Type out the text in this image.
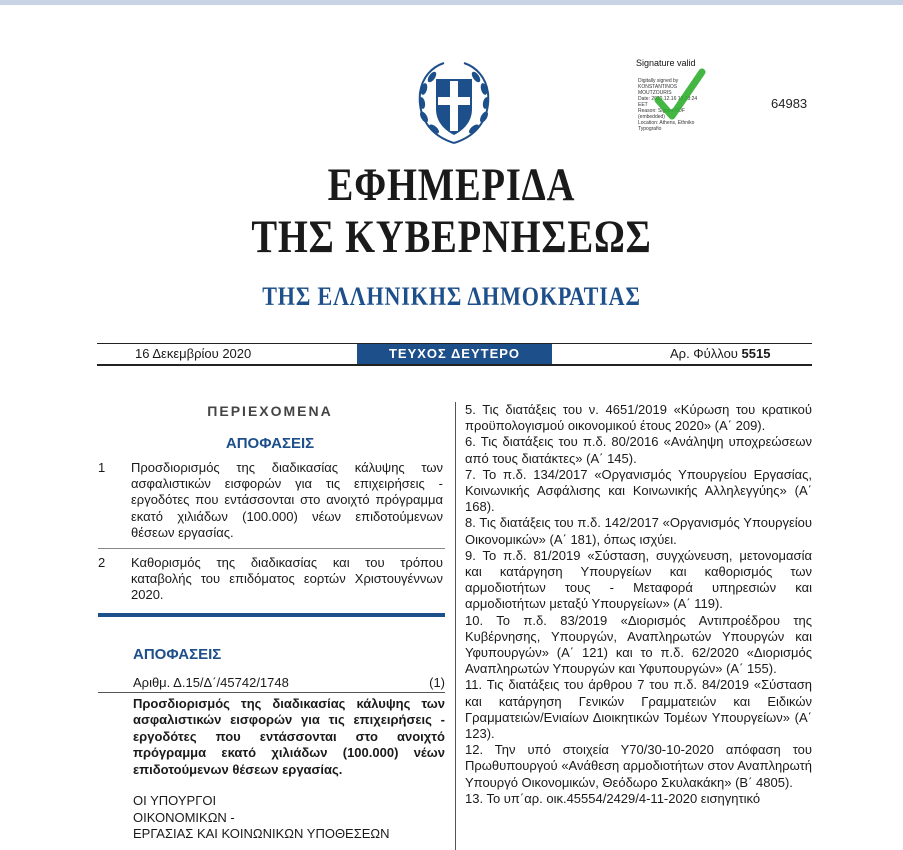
Signature valid
Digitally signed by
KONSTANTINOS
MOUTZOURIS
Date: 2020.12.16 18:28:24
EET
Reason: Signed PDF
(embedded)
Location: Athens, Ethniko
Typografio
64983
ΕΦΗΜΕΡΙΔΑ
ΤΗΣ ΚΥΒΕΡΝΗΣΕΩΣ
ΤΗΣ ΕΛΛΗΝΙΚΗΣ ΔΗΜΟΚΡΑΤΙΑΣ
16 Δεκεμβρίου 2020	ΤΕΥΧΟΣ ΔΕΥΤΕΡΟ	Αρ. Φύλλου 5515
ΠΕΡΙΕΧΟΜΕΝΑ
ΑΠΟΦΑΣΕΙΣ
1 Προσδιορισμός της διαδικασίας κάλυψης των ασφαλιστικών εισφορών για τις επιχειρήσεις - εργοδότες που εντάσσονται στο ανοιχτό πρόγραμμα εκατό χιλιάδων (100.000) νέων επιδοτούμενων θέσεων εργασίας.
2 Καθορισμός της διαδικασίας και του τρόπου καταβολής του επιδόματος εορτών Χριστουγέννων 2020.
ΑΠΟΦΑΣΕΙΣ
Αριθμ. Δ.15/Δ΄/45742/1748	(1)
Προσδιορισμός της διαδικασίας κάλυψης των ασφαλιστικών εισφορών για τις επιχειρήσεις - εργοδότες που εντάσσονται στο ανοιχτό πρόγραμμα εκατό χιλιάδων (100.000) νέων επιδοτούμενων θέσεων εργασίας.
ΟΙ ΥΠΟΥΡΓΟΙ
ΟΙΚΟΝΟΜΙΚΩΝ -
ΕΡΓΑΣΙΑΣ ΚΑΙ ΚΟΙΝΩΝΙΚΩΝ ΥΠΟΘΕΣΕΩΝ

5. Τις διατάξεις του ν. 4651/2019 «Κύρωση του κρατικού προϋπολογισμού οικονομικού έτους 2020» (Α΄ 209).

6. Τις διατάξεις του π.δ. 80/2016 «Ανάληψη υποχρεώσεων από τους διατάκτες» (Α΄ 145).

7. Το π.δ. 134/2017 «Οργανισμός Υπουργείου Εργασίας, Κοινωνικής Ασφάλισης και Κοινωνικής Αλληλεγγύης» (Α΄ 168).

8. Τις διατάξεις του π.δ. 142/2017 «Οργανισμός Υπουργείου Οικονομικών» (Α΄ 181), όπως ισχύει.

9. Το π.δ. 81/2019 «Σύσταση, συγχώνευση, μετονομασία και κατάργηση Υπουργείων και καθορισμός των αρμοδιοτήτων τους - Μεταφορά υπηρεσιών και αρμοδιοτήτων μεταξύ Υπουργείων» (Α΄ 119).

10. Το π.δ. 83/2019 «Διορισμός Αντιπροέδρου της Κυβέρνησης, Υπουργών, Αναπληρωτών Υπουργών και Υφυπουργών» (Α΄ 121) και το π.δ. 62/2020 «Διορισμός Αναπληρωτών Υπουργών και Υφυπουργών» (Α΄ 155).

11. Τις διατάξεις του άρθρου 7 του π.δ. 84/2019 «Σύσταση και κατάργηση Γενικών Γραμματειών και Ειδικών Γραμματειών/Ενιαίων Διοικητικών Τομέων Υπουργείων» (Α΄ 123).

12. Την υπό στοιχεία Υ70/30-10-2020 απόφαση του Πρωθυπουργού «Ανάθεση αρμοδιοτήτων στον Αναπληρωτή Υπουργό Οικονομικών, Θεόδωρο Σκυλακάκη» (Β΄ 4805).

13. Το υπ΄αρ. οικ.45554/2429/4-11-2020 εισηγητικό
